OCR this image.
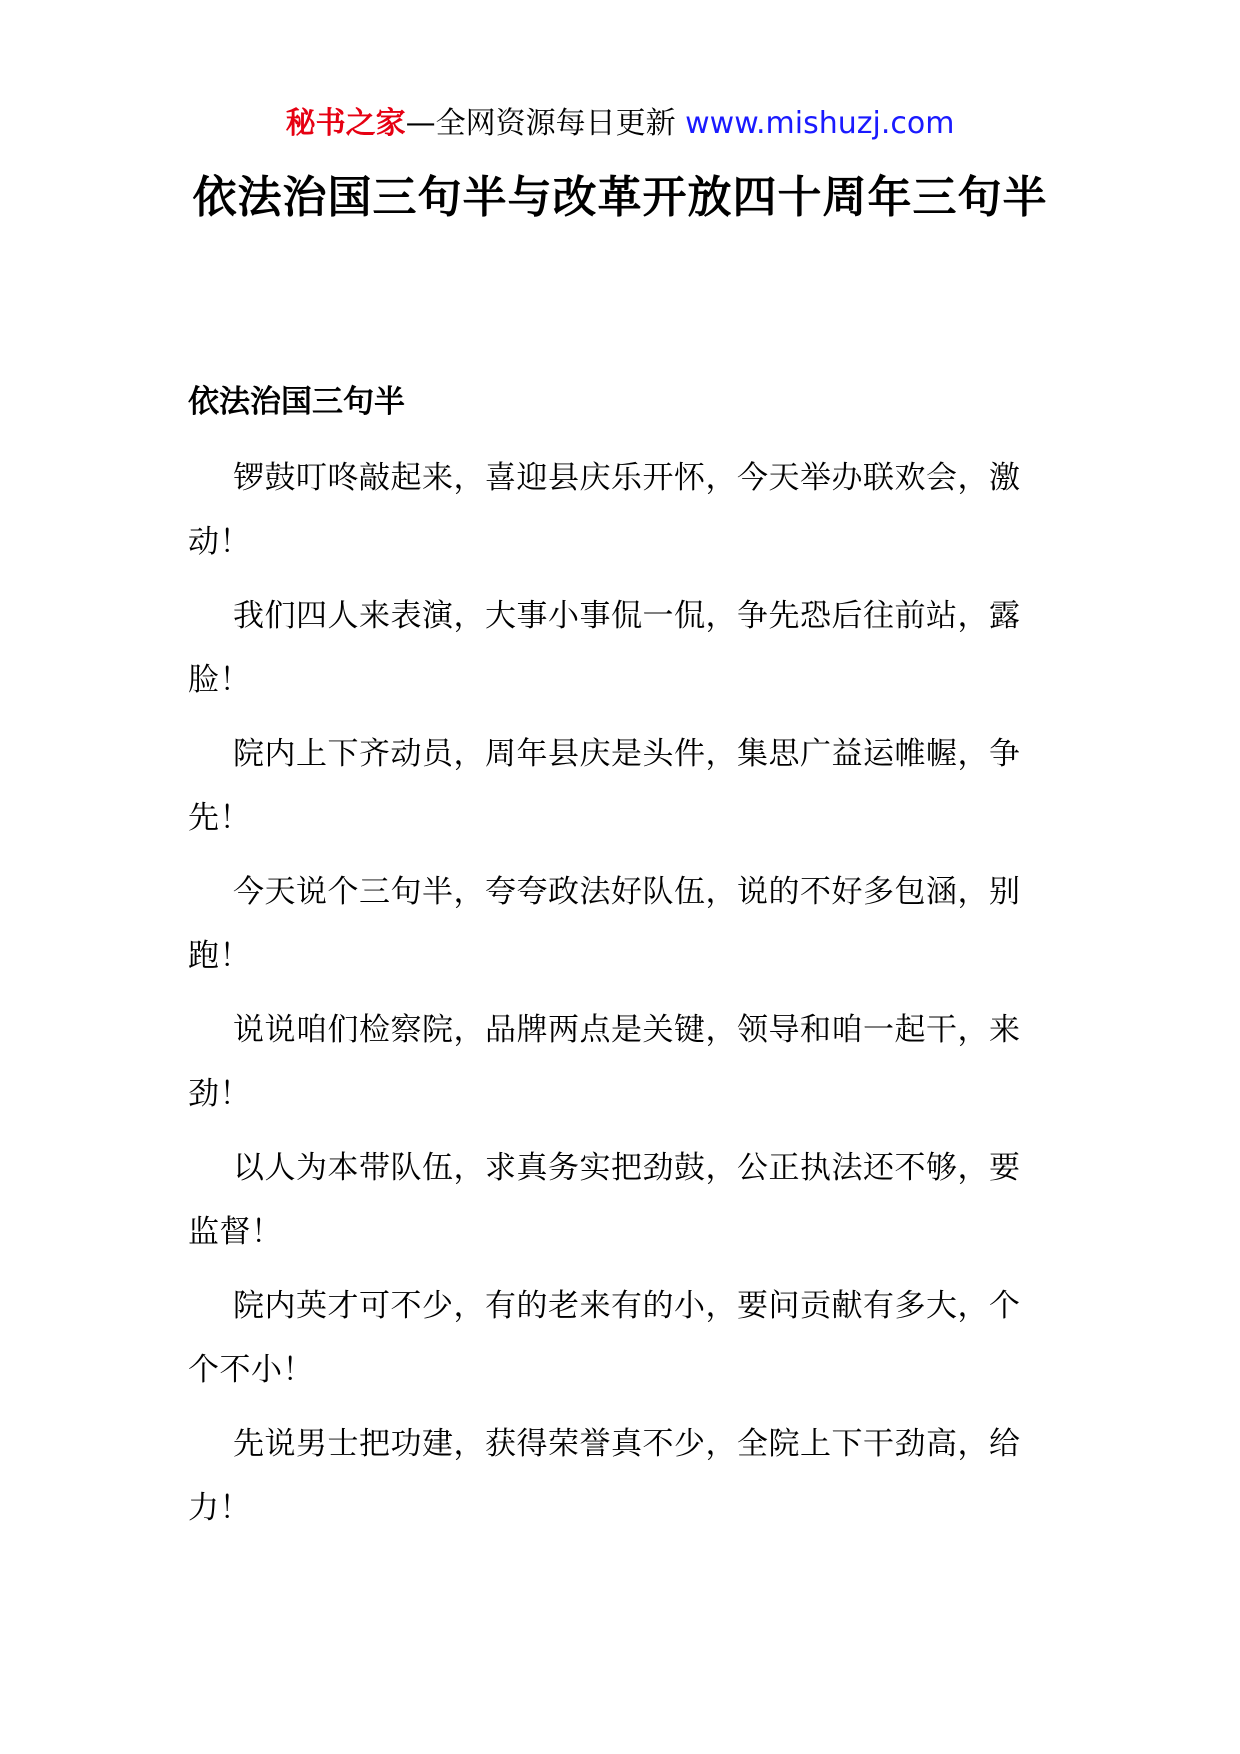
秘书之家—全网资源每日更新 www.mishuzj.com
依法治国三句半与改革开放四十周年三句半
依法治国三句半
锣鼓叮咚敲起来，喜迎县庆乐开怀，今天举办联欢会，激动！
我们四人来表演，大事小事侃一侃，争先恐后往前站，露脸！
院内上下齐动员，周年县庆是头件，集思广益运帷幄，争先！
今天说个三句半，夸夸政法好队伍，说的不好多包涵，别跑！
说说咱们检察院，品牌两点是关键，领导和咱一起干，来劲！
以人为本带队伍，求真务实把劲鼓，公正执法还不够，要监督！
院内英才可不少，有的老来有的小，要问贡献有多大，个个不小！
先说男士把功建，获得荣誉真不少，全院上下干劲高，给力！
